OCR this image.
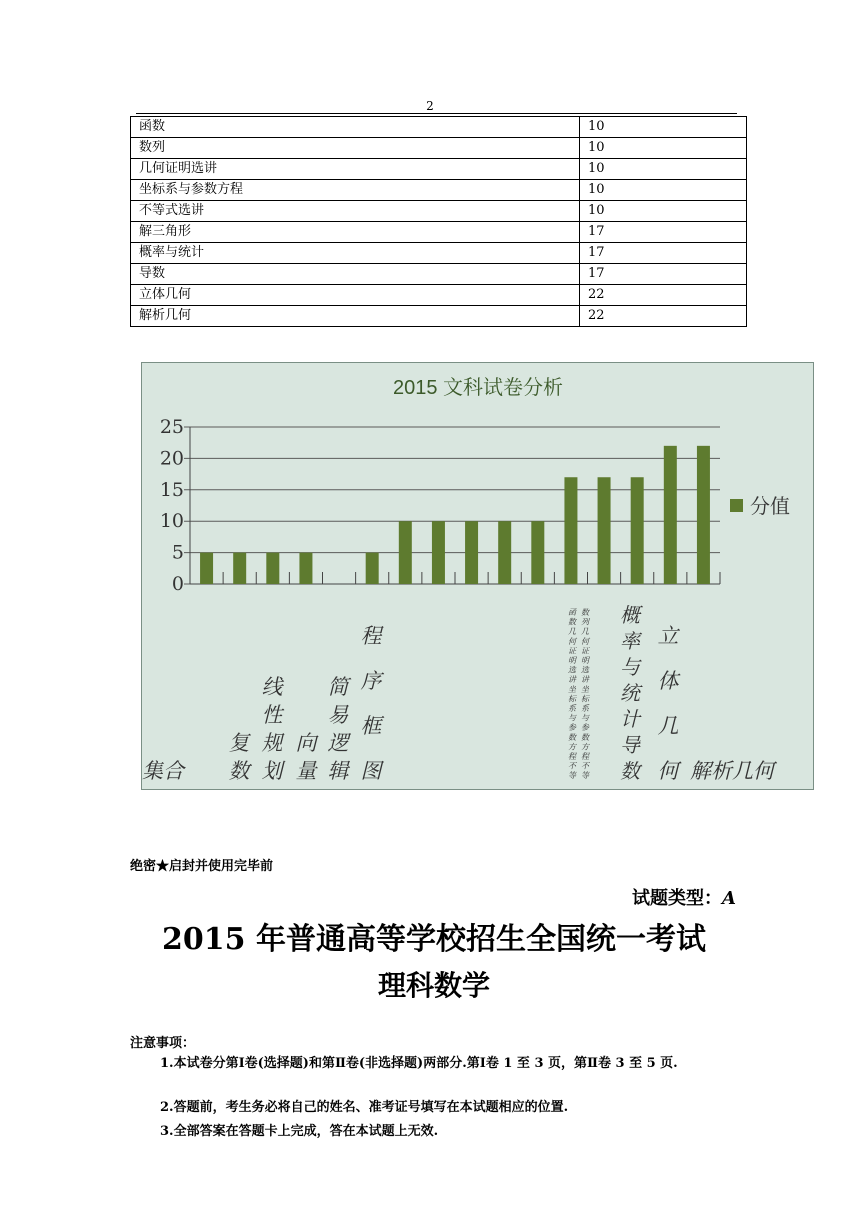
2
函数	10
数列	10
几何证明选讲	10
坐标系与参数方程	10
不等式选讲	10
解三角形	17
概率与统计	17
导数	17
立体几何	22
解析几何	22
2015 文科试卷分析
0
5
10
15
20
25
分值
集合
复
数
线
性
规
划
向
量
简
易
逻
辑
程
序
框
图
函
数
几
何
证
明
选
讲
坐
标
系
与
参
数
方
程
不
等
数
列
几
何
证
明
选
讲
坐
标
系
与
参
数
方
程
不
等
概
率
与
统
计
导
数
立
体
几
何 解析几何
绝密★启封并使用完毕前
试题类型：A
2015 年普通高等学校招生全国统一考试
理科数学
注意事项：
1.本试卷分第Ⅰ卷(选择题)和第Ⅱ卷(非选择题)两部分.第Ⅰ卷 1 至 3 页，第Ⅱ卷 3 至 5 页.
2.答题前，考生务必将自己的姓名、准考证号填写在本试题相应的位置.
3.全部答案在答题卡上完成，答在本试题上无效.
